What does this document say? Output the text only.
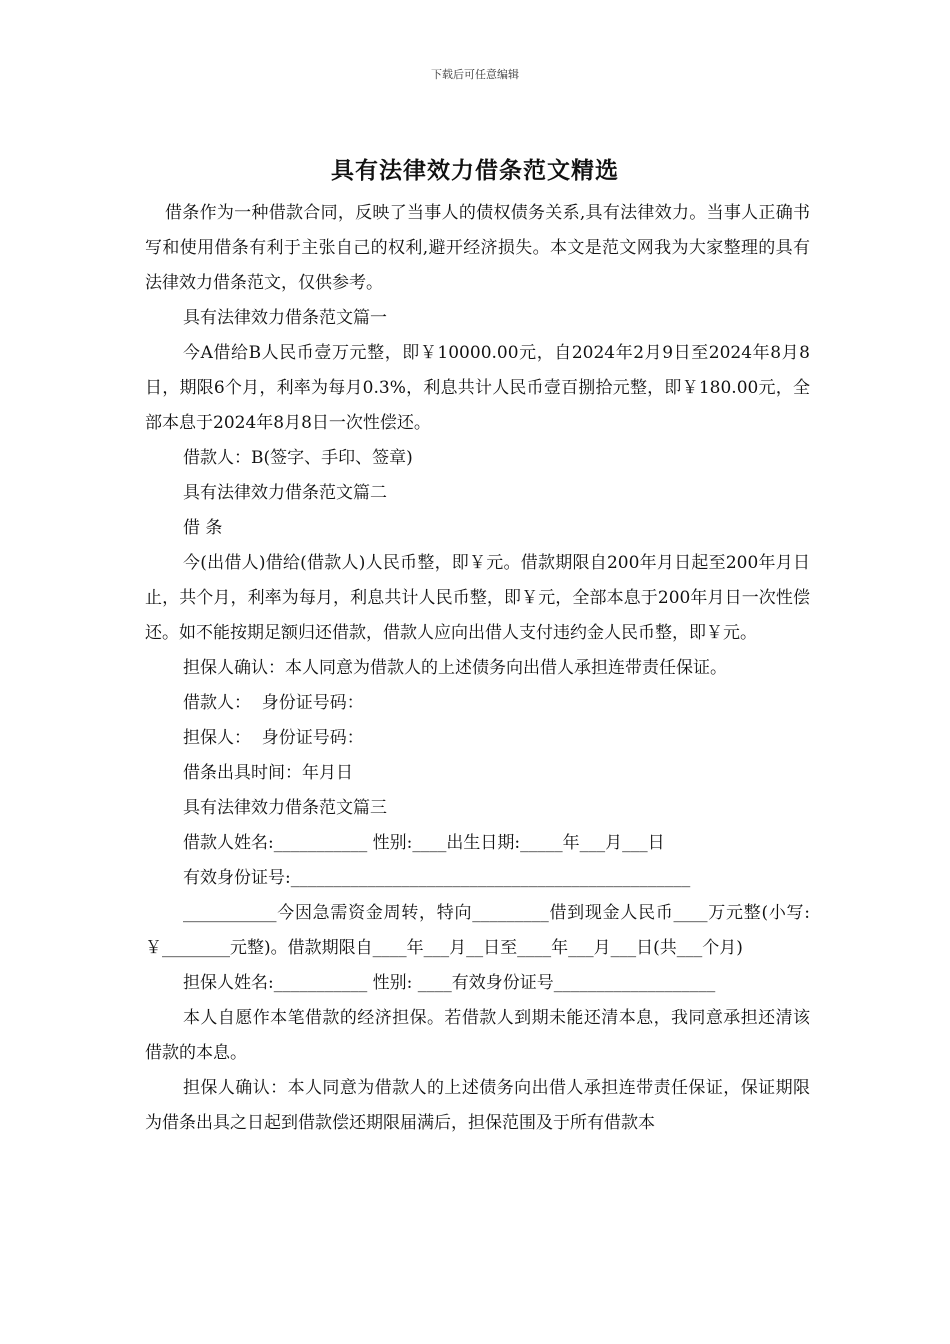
下载后可任意编辑
具有法律效力借条范文精选

借条作为一种借款合同，反映了当事人的债权债务关系,具有法律效力。当事人正确书写和使用借条有利于主张自己的权利,避开经济损失。本文是范文网我为大家整理的具有法律效力借条范文，仅供参考。

具有法律效力借条范文篇一

今A借给B人民币壹万元整，即￥10000.00元，自2024年2月9日至2024年8月8日，期限6个月，利率为每月0.3%，利息共计人民币壹百捌拾元整，即￥180.00元，全部本息于2024年8月8日一次性偿还。

借款人：B(签字、手印、签章)

具有法律效力借条范文篇二

借 条

今(出借人)借给(借款人)人民币整，即￥元。借款期限自200年月日起至200年月日止，共个月，利率为每月，利息共计人民币整，即￥元，全部本息于200年月日一次性偿还。如不能按期足额归还借款，借款人应向出借人支付违约金人民币整，即￥元。

担保人确认：本人同意为借款人的上述债务向出借人承担连带责任保证。

借款人：  身份证号码：

担保人：  身份证号码：

借条出具时间：年月日

具有法律效力借条范文篇三

借款人姓名:___________ 性别:____出生日期:_____年___月___日

有效身份证号:_______________________________________________

___________今因急需资金周转，特向_________借到现金人民币____万元整(小写: ￥________元整)。借款期限自____年___月__日至____年___月___日(共___个月)

担保人姓名:___________ 性别: ____有效身份证号___________________

本人自愿作本笔借款的经济担保。若借款人到期未能还清本息，我同意承担还清该借款的本息。

担保人确认：本人同意为借款人的上述债务向出借人承担连带责任保证，保证期限为借条出具之日起到借款偿还期限届满后，担保范围及于所有借款本
